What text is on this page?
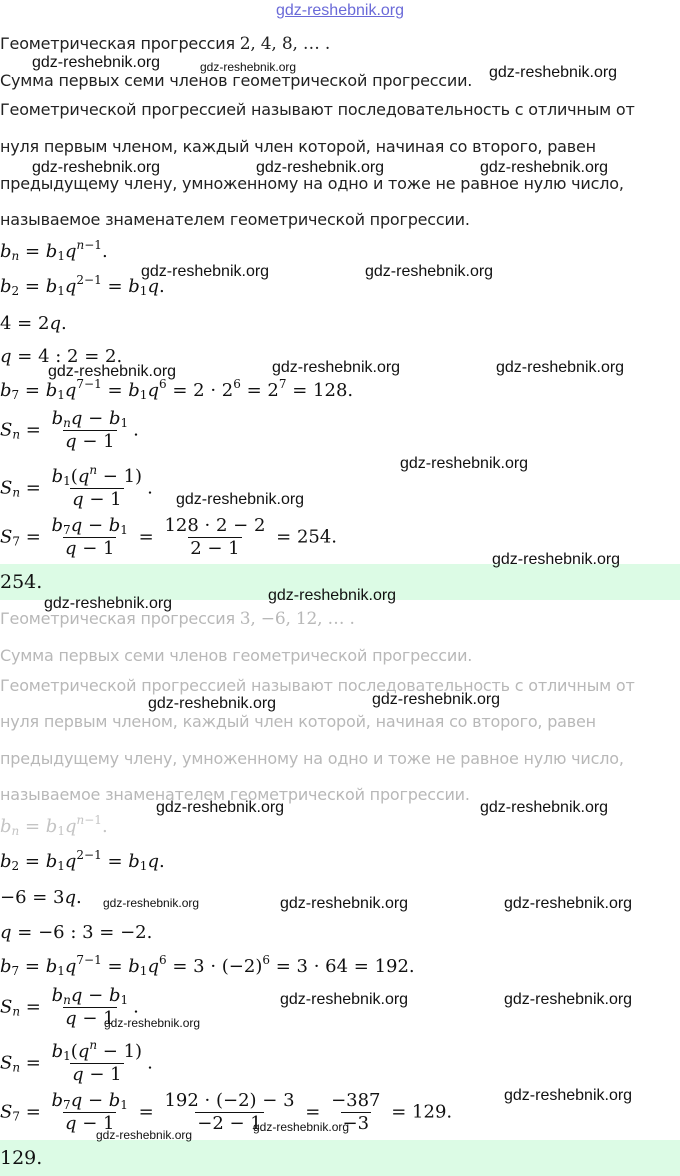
gdz-reshebnik.org
Геометрическая прогрессия 2, 4, 8, … .
Сумма первых семи членов геометрической прогрессии.
Геометрической прогрессией называют последовательность с отличным от
нуля первым членом, каждый член которой, начиная со второго, равен
предыдущему члену, умноженному на одно и тоже не равное нулю число,
называемое знаменателем геометрической прогрессии.
$b_n = b_1q^{n-1}$.
$b_2 = b_1q^{2-1} = b_1q$.
4 = 2q.
q = 4 : 2 = 2.
$b_7 = b_1q^{7-1} = b_1q^6 = 2 \cdot 2^6 = 2^7 = 128$.
$S_n = \frac{b_nq - b_1}{q - 1}$ .
$S_n = \frac{b_1(q^n - 1)}{q - 1}$ .
$S_7 = \frac{b_7q - b_1}{q - 1} = \frac{128 \cdot 2 - 2}{2 - 1} = 254$.
254.
Геометрическая прогрессия 3, −6, 12, … .
Сумма первых семи членов геометрической прогрессии.
Геометрической прогрессией называют последовательность с отличным от
нуля первым членом, каждый член которой, начиная со второго, равен
предыдущему члену, умноженному на одно и тоже не равное нулю число,
называемое знаменателем геометрической прогрессии.
$b_n = b_1q^{n-1}$.
$b_2 = b_1q^{2-1} = b_1q$.
−6 = 3q.
q = −6 : 3 = −2.
$b_7 = b_1q^{7-1} = b_1q^6 = 3 \cdot (-2)^6 = 3 \cdot 64 = 192$.
$S_n = \frac{b_nq - b_1}{q - 1}$ .
$S_n = \frac{b_1(q^n - 1)}{q - 1}$ .
$S_7 = \frac{b_7q - b_1}{q - 1} = \frac{192 \cdot (-2) - 3}{-2 - 1} = \frac{-387}{-3} = 129$.
129.
gdz-reshebnik.org	gdz-reshebnik.org	gdz-reshebnik.org
gdz-reshebnik.org	gdz-reshebnik.org	gdz-reshebnik.org
gdz-reshebnik.org	gdz-reshebnik.org
gdz-reshebnik.org	gdz-reshebnik.org	gdz-reshebnik.org
gdz-reshebnik.org
gdz-reshebnik.org
gdz-reshebnik.org
gdz-reshebnik.org
gdz-reshebnik.org
gdz-reshebnik.org
gdz-reshebnik.org
gdz-reshebnik.org	gdz-reshebnik.org
gdz-reshebnik.org	gdz-reshebnik.org	gdz-reshebnik.org
gdz-reshebnik.org	gdz-reshebnik.org
gdz-reshebnik.org
gdz-reshebnik.org
gdz-reshebnik.org
gdz-reshebnik.org
